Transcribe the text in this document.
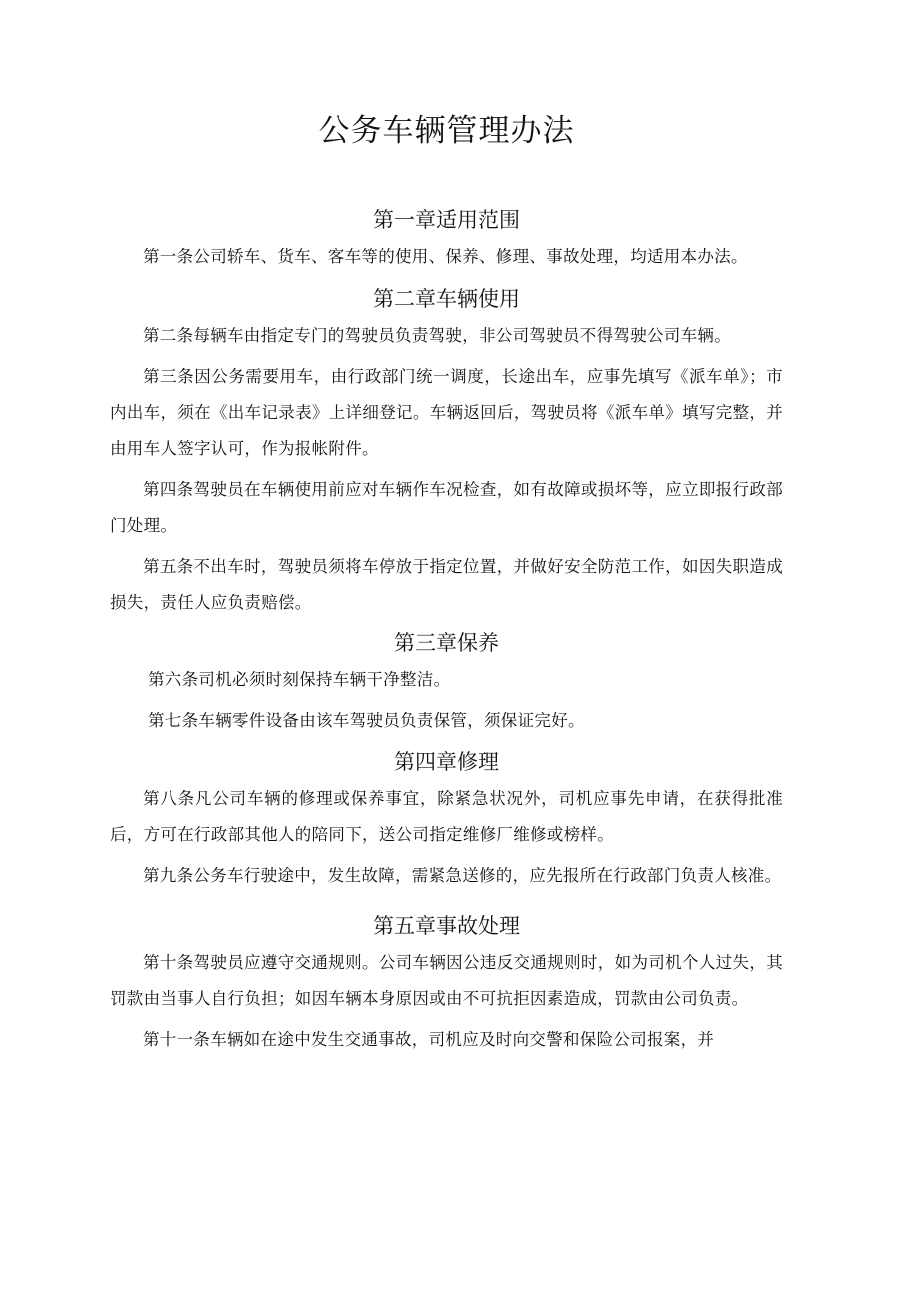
公务车辆管理办法
第一章适用范围

第一条公司轿车、货车、客车等的使用、保养、修理、事故处理，均适用本办法。

第二章车辆使用

第二条每辆车由指定专门的驾驶员负责驾驶，非公司驾驶员不得驾驶公司车辆。

第三条因公务需要用车，由行政部门统一调度，长途出车，应事先填写《派车单》；市内出车，须在《出车记录表》上详细登记。车辆返回后，驾驶员将《派车单》填写完整，并由用车人签字认可，作为报帐附件。

第四条驾驶员在车辆使用前应对车辆作车况检查，如有故障或损坏等，应立即报行政部门处理。

第五条不出车时，驾驶员须将车停放于指定位置，并做好安全防范工作，如因失职造成损失，责任人应负责赔偿。

第三章保养

第六条司机必须时刻保持车辆干净整洁。

第七条车辆零件设备由该车驾驶员负责保管，须保证完好。

第四章修理

第八条凡公司车辆的修理或保养事宜，除紧急状况外，司机应事先申请，在获得批准后，方可在行政部其他人的陪同下，送公司指定维修厂维修或榜样。

第九条公务车行驶途中，发生故障，需紧急送修的，应先报所在行政部门负责人核准。

第五章事故处理

第十条驾驶员应遵守交通规则。公司车辆因公违反交通规则时，如为司机个人过失，其罚款由当事人自行负担；如因车辆本身原因或由不可抗拒因素造成，罚款由公司负责。

第十一条车辆如在途中发生交通事故，司机应及时向交警和保险公司报案，并
